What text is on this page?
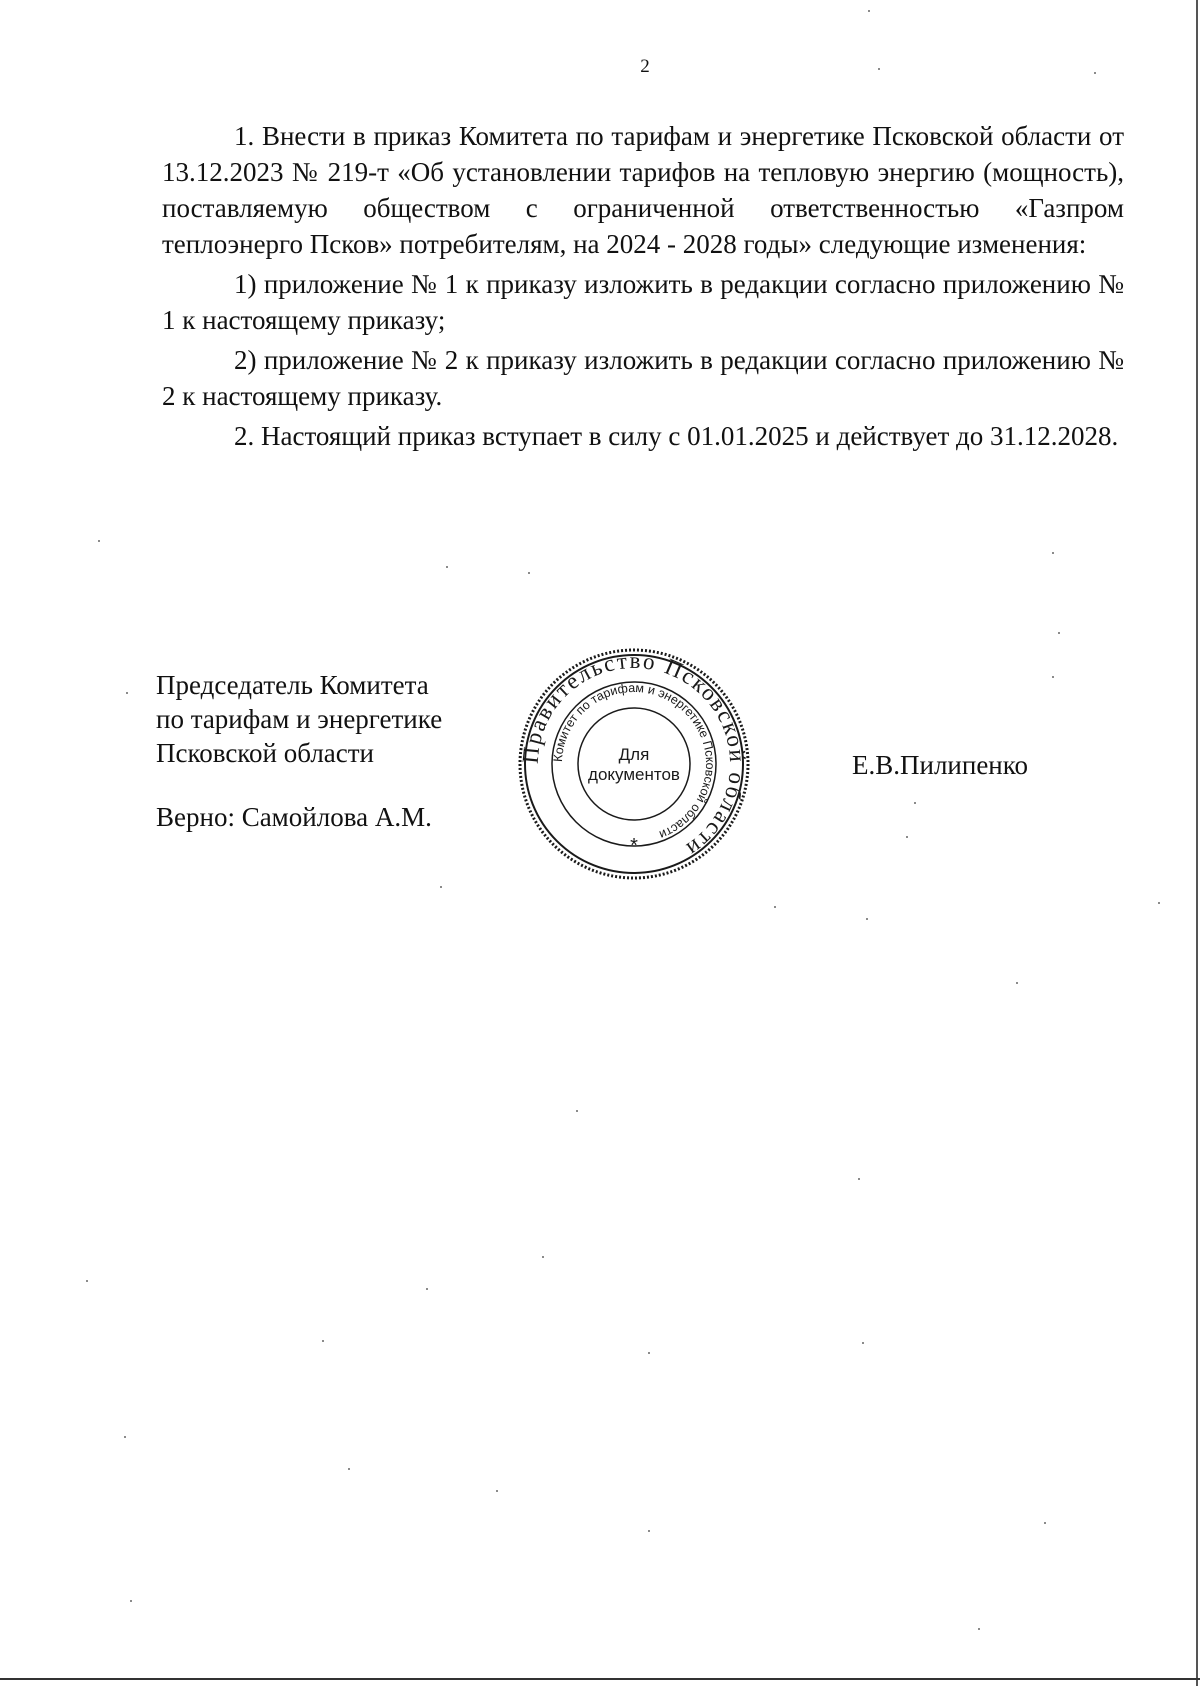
2

1. Внести в приказ Комитета по тарифам и энергетике Псковской области от 13.12.2023 № 219-т «Об установлении тарифов на тепловую энергию (мощность), поставляемую обществом с ограниченной ответственностью «Газпром теплоэнерго Псков» потребителям, на 2024 - 2028 годы» следующие изменения:

1) приложение № 1 к приказу изложить в редакции согласно приложению № 1 к настоящему приказу;

2) приложение № 2 к приказу изложить в редакции согласно приложению № 2 к настоящему приказу.

2. Настоящий приказ вступает в силу с 01.01.2025 и действует до 31.12.2028.

Председатель Комитета
по тарифам и энергетике
Псковской области
Верно: Самойлова А.М.
Е.В.Пилипенко
Правительство Псковской области
Комитет по тарифам и энергетике Псковской области
Для
документов
*
